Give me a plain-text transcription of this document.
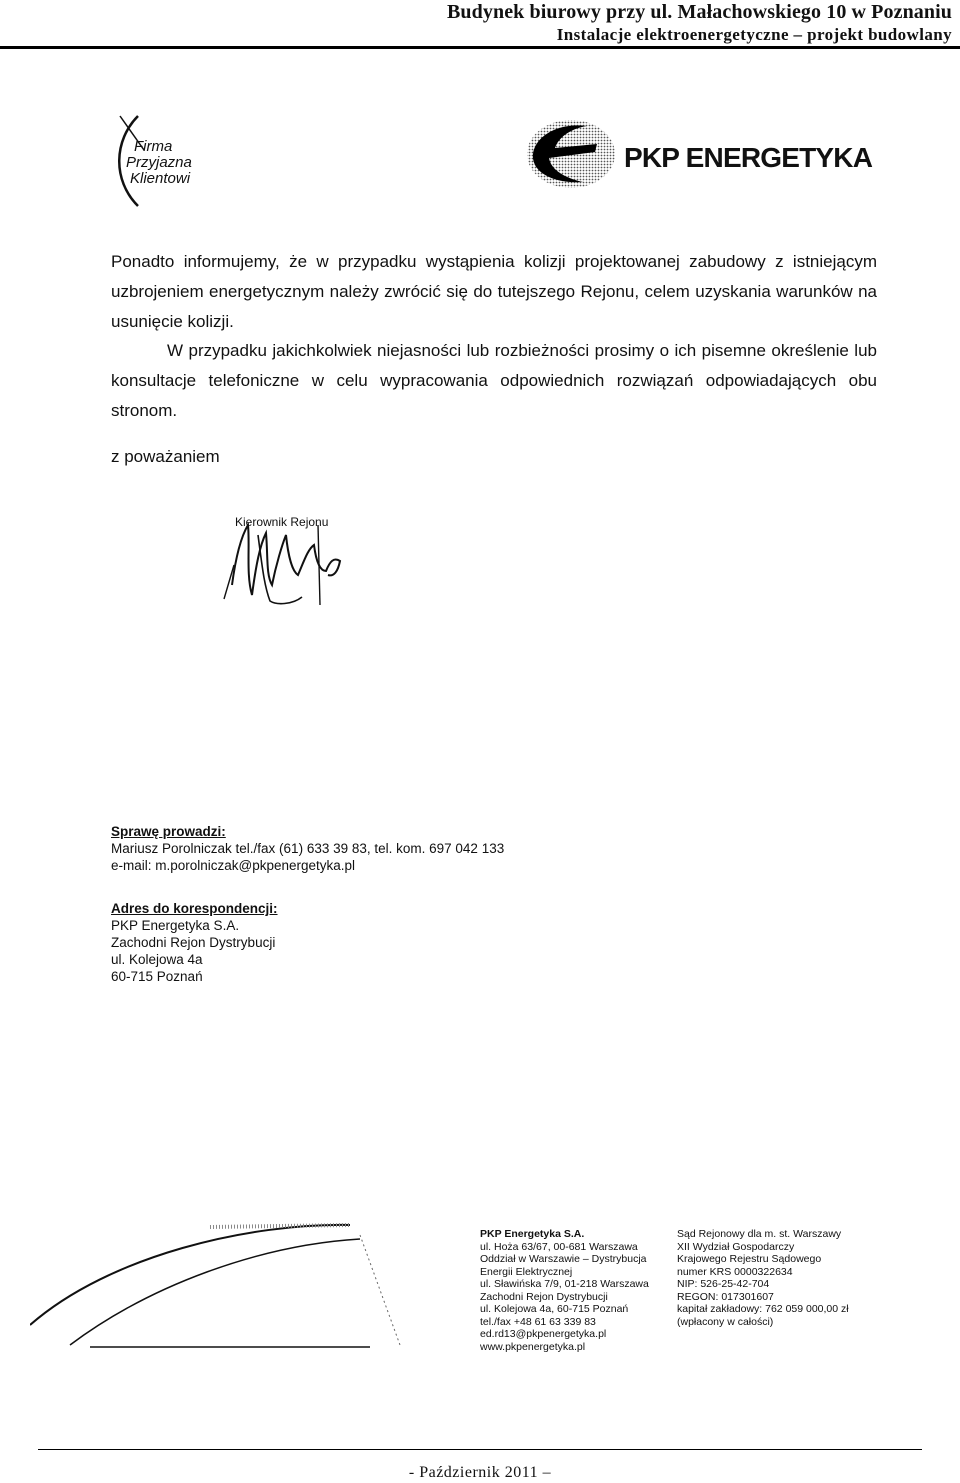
Budynek biurowy przy ul. Małachowskiego 10 w Poznaniu
Instalacje elektroenergetyczne – projekt budowlany
Firma
Przyjazna
Klientowi
PKP ENERGETYKA

Ponadto informujemy, że w przypadku wystąpienia kolizji projektowanej zabudowy z istniejącym uzbrojeniem energetycznym należy zwrócić się do tutejszego Rejonu, celem uzyskania warunków na usunięcie kolizji.

W przypadku jakichkolwiek niejasności lub rozbieżności prosimy o ich pisemne określenie lub konsultacje telefoniczne w celu wypracowania odpowiednich rozwiązań odpowiadających obu stronom.

z poważaniem
Kierownik Rejonu
Sprawę prowadzi:
Mariusz Porolniczak tel./fax (61) 633 39 83, tel. kom. 697 042 133
e-mail: m.porolniczak@pkpenergetyka.pl
Adres do korespondencji:
PKP Energetyka S.A.
Zachodni Rejon Dystrybucji
ul. Kolejowa 4a
60-715 Poznań
PKP Energetyka S.A.
ul. Hoża 63/67, 00-681 Warszawa
Oddział w Warszawie – Dystrybucja
Energii Elektrycznej
ul. Sławińska 7/9, 01-218 Warszawa
Zachodni Rejon Dystrybucji
ul. Kolejowa 4a, 60-715 Poznań
tel./fax +48 61 63 339 83
ed.rd13@pkpenergetyka.pl
www.pkpenergetyka.pl
Sąd Rejonowy dla m. st. Warszawy
XII Wydział Gospodarczy
Krajowego Rejestru Sądowego
numer KRS 0000322634
NIP: 526-25-42-704
REGON: 017301607
kapitał zakładowy: 762 059 000,00 zł
(wpłacony w całości)
- Październik 2011 –
